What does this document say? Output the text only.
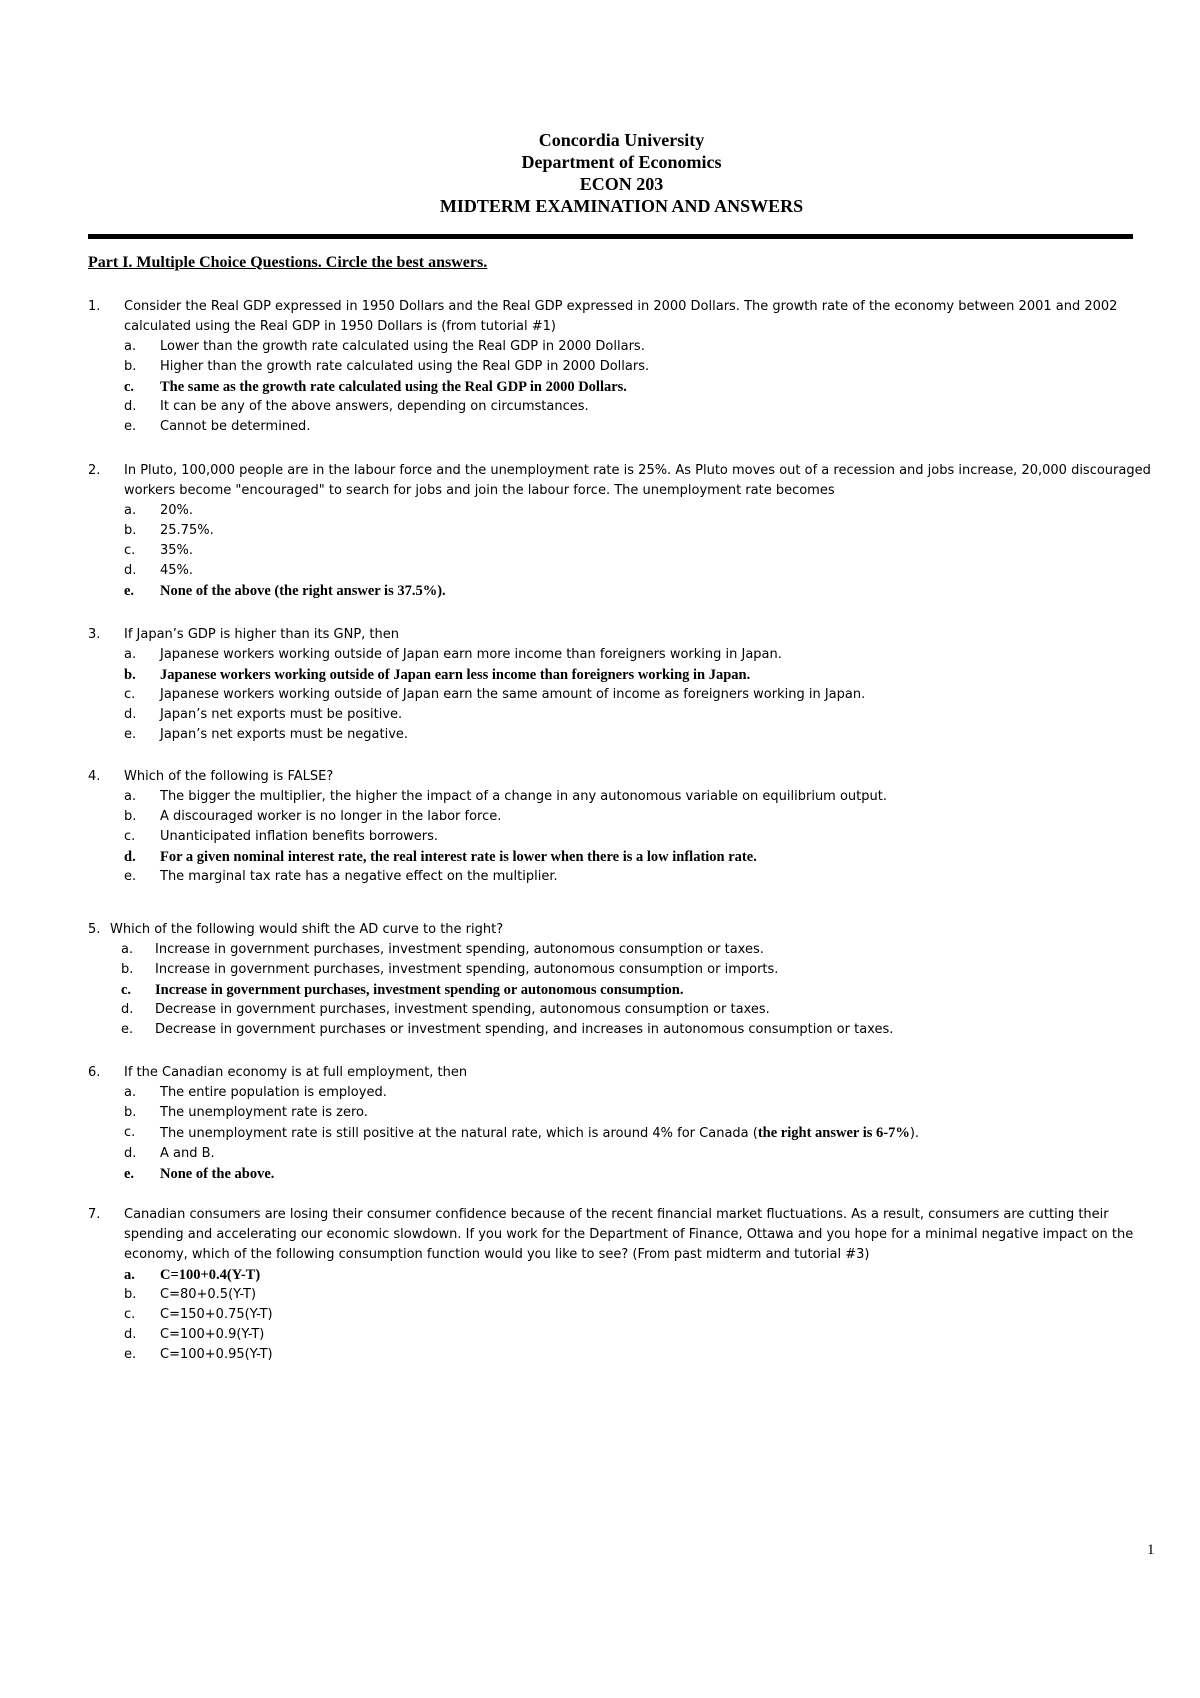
Concordia University
Department of Economics
ECON 203
MIDTERM EXAMINATION AND ANSWERS
Part I. Multiple Choice Questions. Circle the best answers.
1. Consider the Real GDP expressed in 1950 Dollars and the Real GDP expressed in 2000 Dollars. The growth rate of the economy between 2001 and 2002 calculated using the Real GDP in 1950 Dollars is (from tutorial #1)
a. Lower than the growth rate calculated using the Real GDP in 2000 Dollars.
b. Higher than the growth rate calculated using the Real GDP in 2000 Dollars.
c. The same as the growth rate calculated using the Real GDP in 2000 Dollars.
d. It can be any of the above answers, depending on circumstances.
e. Cannot be determined.
2. In Pluto, 100,000 people are in the labour force and the unemployment rate is 25%. As Pluto moves out of a recession and jobs increase, 20,000 discouraged workers become "encouraged" to search for jobs and join the labour force. The unemployment rate becomes
a. 20%.
b. 25.75%.
c. 35%.
d. 45%.
e. None of the above (the right answer is 37.5%).
3. If Japan’s GDP is higher than its GNP, then
a. Japanese workers working outside of Japan earn more income than foreigners working in Japan.
b. Japanese workers working outside of Japan earn less income than foreigners working in Japan.
c. Japanese workers working outside of Japan earn the same amount of income as foreigners working in Japan.
d. Japan’s net exports must be positive.
e. Japan’s net exports must be negative.
4. Which of the following is FALSE?
a. The bigger the multiplier, the higher the impact of a change in any autonomous variable on equilibrium output.
b. A discouraged worker is no longer in the labor force.
c. Unanticipated inflation benefits borrowers.
d. For a given nominal interest rate, the real interest rate is lower when there is a low inflation rate.
e. The marginal tax rate has a negative effect on the multiplier.
5. Which of the following would shift the AD curve to the right?
a. Increase in government purchases, investment spending, autonomous consumption or taxes.
b. Increase in government purchases, investment spending, autonomous consumption or imports.
c. Increase in government purchases, investment spending or autonomous consumption.
d. Decrease in government purchases, investment spending, autonomous consumption or taxes.
e. Decrease in government purchases or investment spending, and increases in autonomous consumption or taxes.
6. If the Canadian economy is at full employment, then
a. The entire population is employed.
b. The unemployment rate is zero.
c. The unemployment rate is still positive at the natural rate, which is around 4% for Canada (the right answer is 6-7%).
d. A and B.
e. None of the above.
7. Canadian consumers are losing their consumer confidence because of the recent financial market fluctuations. As a result, consumers are cutting their spending and accelerating our economic slowdown. If you work for the Department of Finance, Ottawa and you hope for a minimal negative impact on the economy, which of the following consumption function would you like to see? (From past midterm and tutorial #3)
a. C=100+0.4(Y-T)
b. C=80+0.5(Y-T)
c. C=150+0.75(Y-T)
d. C=100+0.9(Y-T)
e. C=100+0.95(Y-T)
1
